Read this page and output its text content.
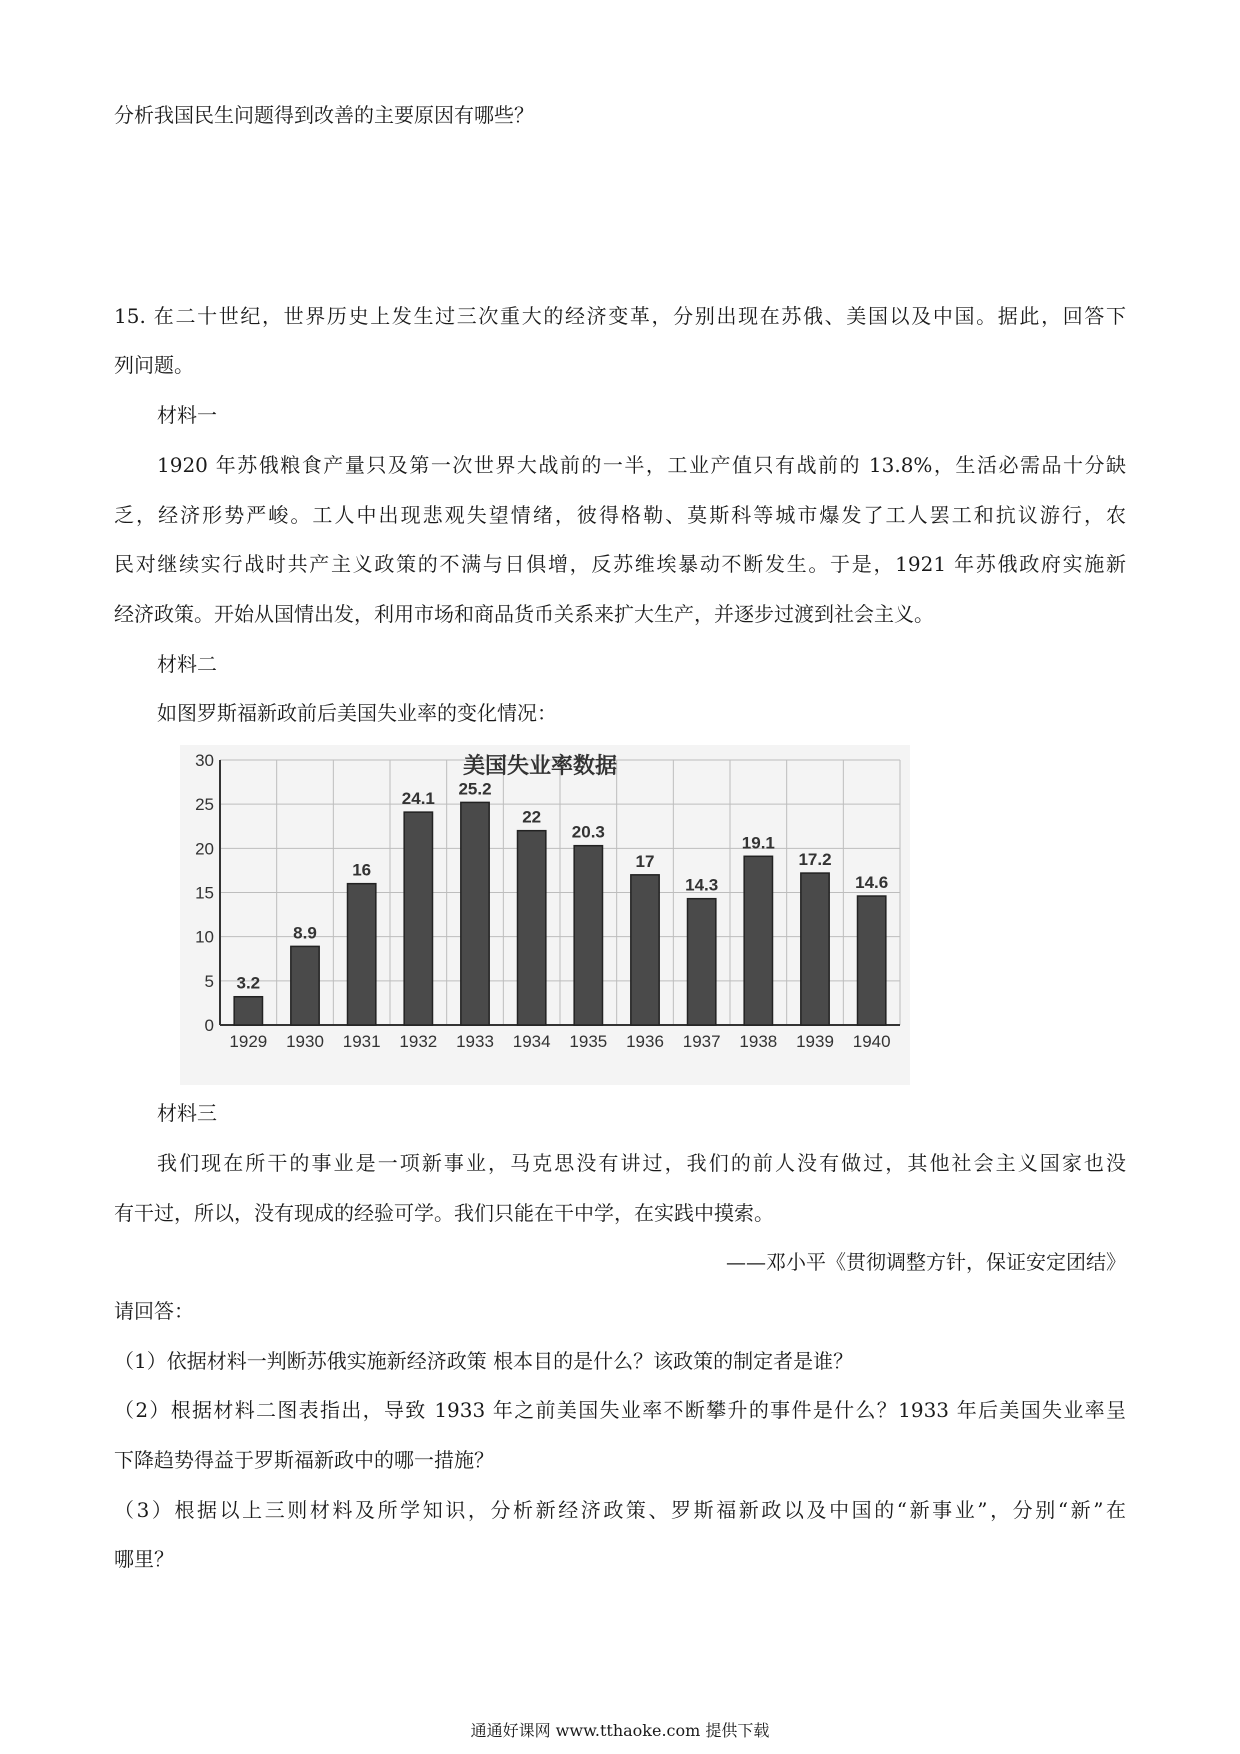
分析我国民生问题得到改善的主要原因有哪些？
15. 在二十世纪，世界历史上发生过三次重大的经济变革，分别出现在苏俄、美国以及中国。据此，回答下
列问题。
材料一
1920 年苏俄粮食产量只及第一次世界大战前的一半，工业产值只有战前的 13.8%，生活必需品十分缺
乏，经济形势严峻。工人中出现悲观失望情绪，彼得格勒、莫斯科等城市爆发了工人罢工和抗议游行，农
民对继续实行战时共产主义政策的不满与日俱增，反苏维埃暴动不断发生。于是，1921 年苏俄政府实施新
经济政策。开始从国情出发，利用市场和商品货币关系来扩大生产，并逐步过渡到社会主义。
材料二
如图罗斯福新政前后美国失业率的变化情况：
0
5
10
15
20
25
30	美国失业率数据
3.2
1929
8.9
1930
16
1931
24.1
1932
25.2
1933
22
1934
20.3
1935
17
1936
14.3
1937
19.1
1938
17.2
1939
14.6
1940
材料三
我们现在所干的事业是一项新事业，马克思没有讲过，我们的前人没有做过，其他社会主义国家也没
有干过，所以，没有现成的经验可学。我们只能在干中学，在实践中摸索。
——邓小平《贯彻调整方针，保证安定团结》
请回答：
（1）依据材料一判断苏俄实施新经济政策 根本目的是什么？该政策的制定者是谁？
（2）根据材料二图表指出，导致 1933 年之前美国失业率不断攀升的事件是什么？1933 年后美国失业率呈
下降趋势得益于罗斯福新政中的哪一措施？
（3）根据以上三则材料及所学知识，分析新经济政策、罗斯福新政以及中国的“新事业”，分别“新”在
哪里？
通通好课网 www.tthaoke.com 提供下载
